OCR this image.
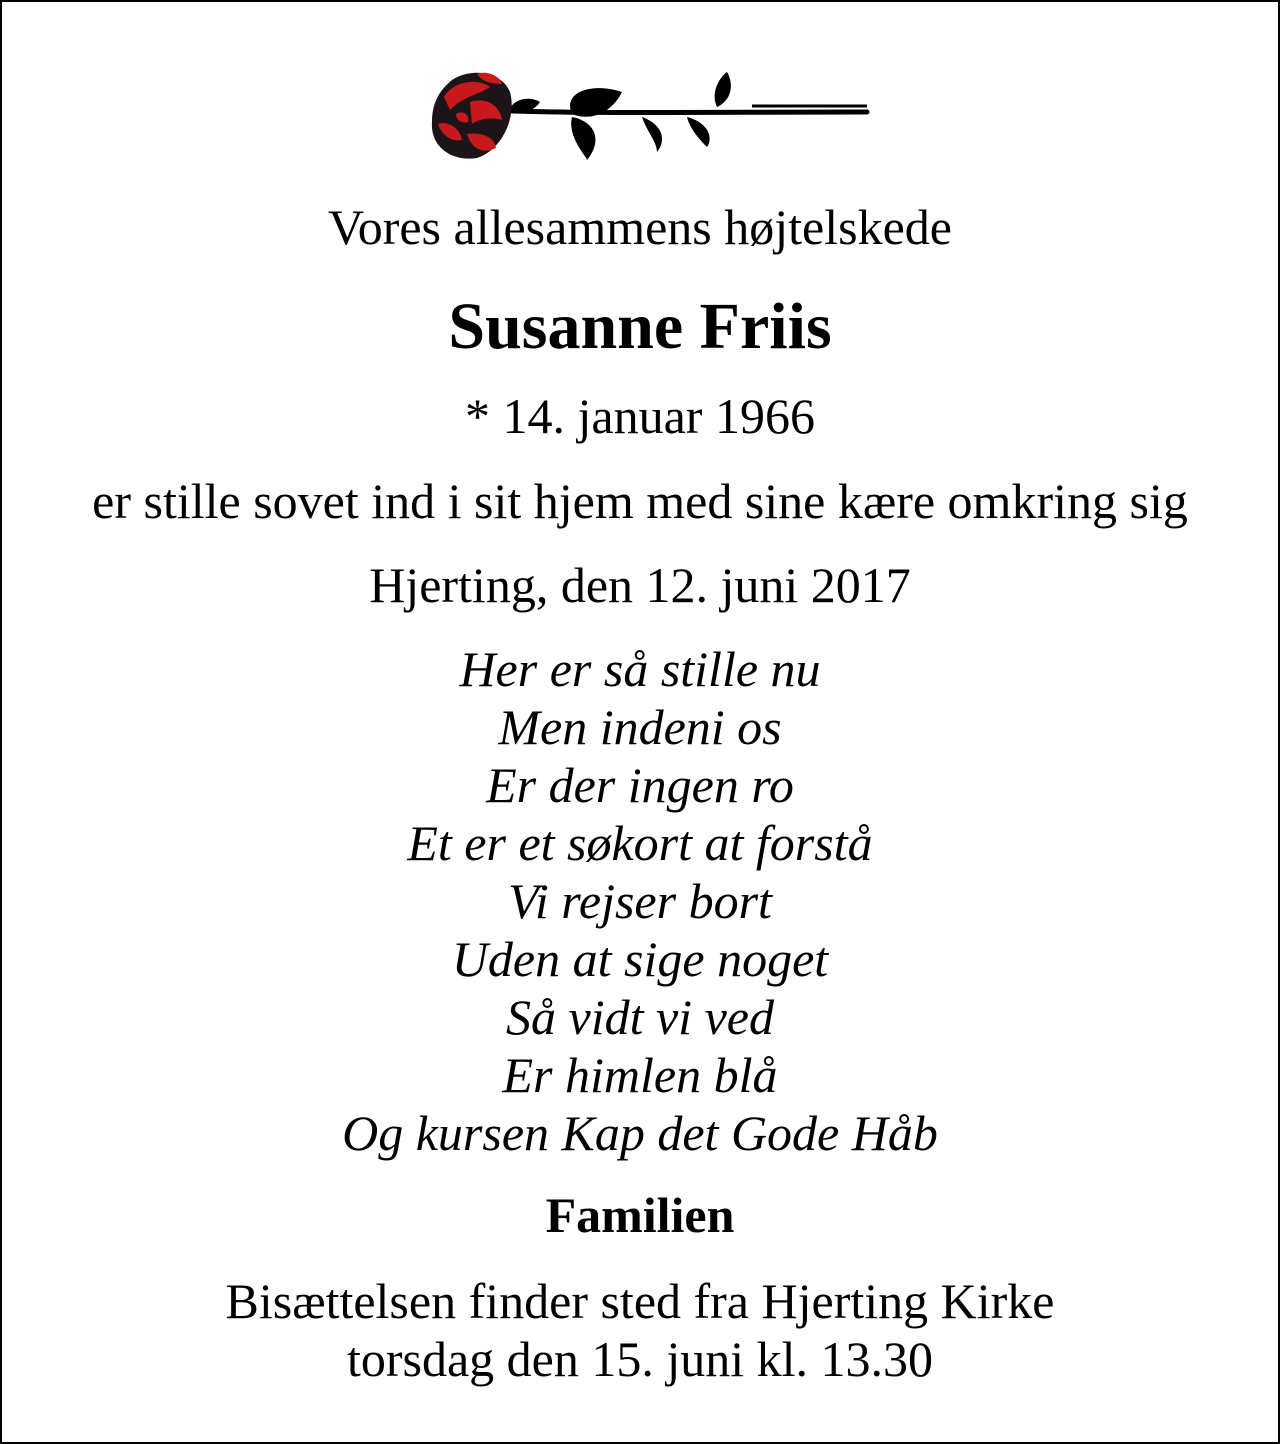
Vores allesammens højtelskede
Susanne Friis
* 14. januar 1966
er stille sovet ind i sit hjem med sine kære omkring sig
Hjerting, den 12. juni 2017
Her er så stille nu
Men indeni os
Er der ingen ro
Et er et søkort at forstå
Vi rejser bort
Uden at sige noget
Så vidt vi ved
Er himlen blå
Og kursen Kap det Gode Håb
Familien
Bisættelsen finder sted fra Hjerting Kirke
torsdag den 15. juni kl. 13.30
